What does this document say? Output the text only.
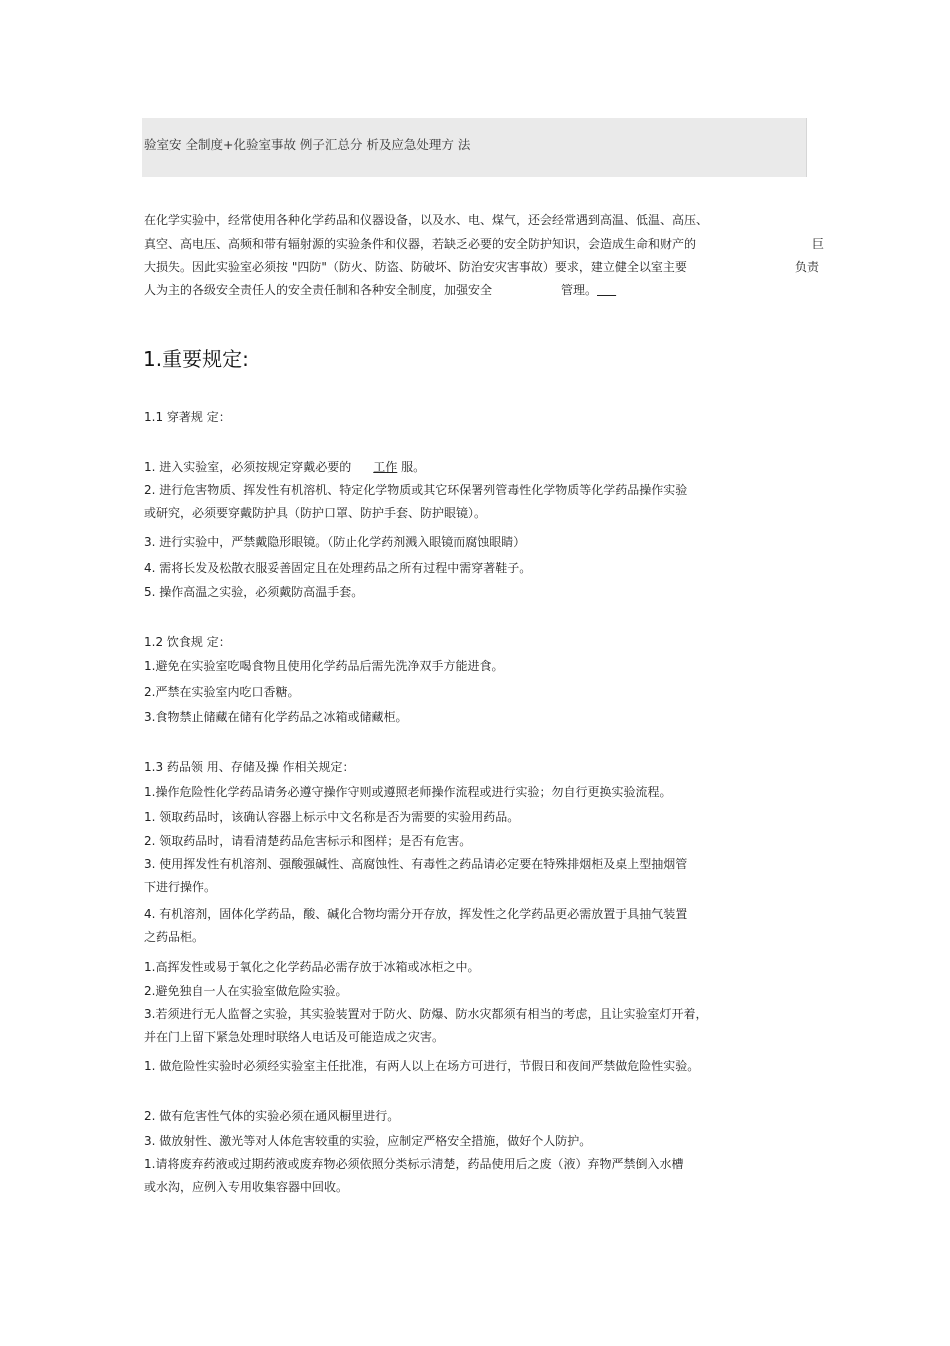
验室安 全制度+化验室事故 例子汇总分 析及应急处理方 法
在化学实验中，经常使用各种化学药品和仪器设备，以及水、电、煤气，还会经常遇到高温、低温、高压、
真空、高电压、高频和带有辐射源的实验条件和仪器，若缺乏必要的安全防护知识，会造成生命和财产的	巨
大损失。因此实验室必须按 "四防"（防火、防盗、防破坏、防治安灾害事故）要求，建立健全以室主要	负责
人为主的各级安全责任人的安全责任制和各种安全制度，加强安全	管理。
1.重要规定:
1.1 穿著规 定：
1. 进入实验室，必须按规定穿戴必要的 工作 服。
2. 进行危害物质、挥发性有机溶机、特定化学物质或其它环保署列管毒性化学物质等化学药品操作实验
或研究，必须要穿戴防护具（防护口罩、防护手套、防护眼镜）。
3. 进行实验中，严禁戴隐形眼镜。（防止化学药剂溅入眼镜而腐蚀眼睛）
4. 需将长发及松散衣服妥善固定且在处理药品之所有过程中需穿著鞋子。
5. 操作高温之实验，必须戴防高温手套。
1.2 饮食规 定：
1.避免在实验室吃喝食物且使用化学药品后需先洗净双手方能进食。
2.严禁在实验室内吃口香糖。
3.食物禁止储藏在储有化学药品之冰箱或储藏柜。
1.3 药品领 用、存储及操 作相关规定：
1.操作危险性化学药品请务必遵守操作守则或遵照老师操作流程或进行实验；勿自行更换实验流程。
1. 领取药品时，该确认容器上标示中文名称是否为需要的实验用药品。
2. 领取药品时，请看清楚药品危害标示和图样；是否有危害。
3. 使用挥发性有机溶剂、强酸强碱性、高腐蚀性、有毒性之药品请必定要在特殊排烟柜及桌上型抽烟管
下进行操作。
4. 有机溶剂，固体化学药品，酸、碱化合物均需分开存放，挥发性之化学药品更必需放置于具抽气装置
之药品柜。
1.高挥发性或易于氧化之化学药品必需存放于冰箱或冰柜之中。
2.避免独自一人在实验室做危险实验。
3.若须进行无人监督之实验，其实验装置对于防火、防爆、防水灾都须有相当的考虑，且让实验室灯开着，
并在门上留下紧急处理时联络人电话及可能造成之灾害。
1. 做危险性实验时必须经实验室主任批准，有两人以上在场方可进行，节假日和夜间严禁做危险性实验。
2. 做有危害性气体的实验必须在通风橱里进行。
3. 做放射性、激光等对人体危害较重的实验，应制定严格安全措施，做好个人防护。
1.请将废弃药液或过期药液或废弃物必须依照分类标示清楚，药品使用后之废（液）弃物严禁倒入水槽
或水沟，应例入专用收集容器中回收。
